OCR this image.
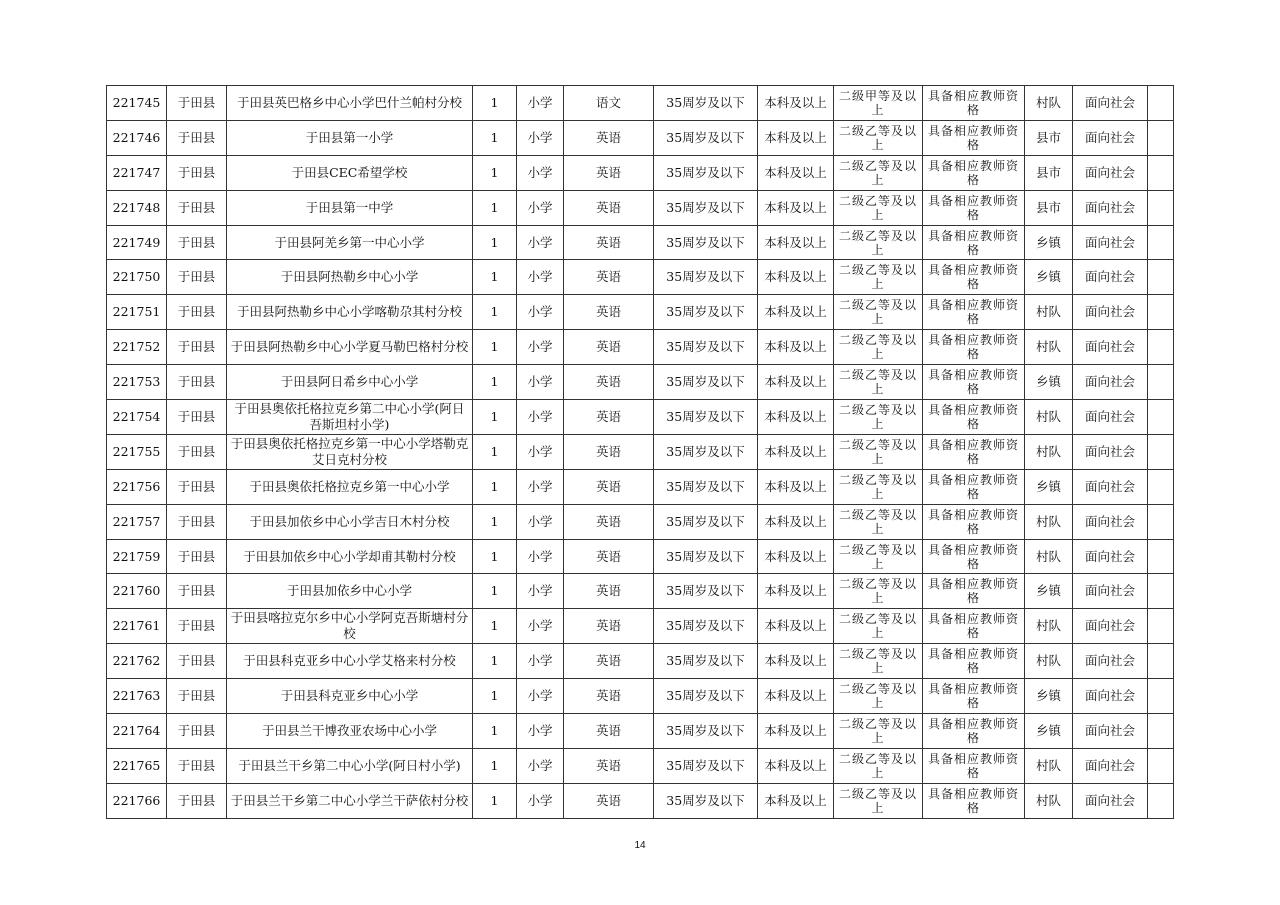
221745	于田县	于田县英巴格乡中心小学巴什兰帕村分校	1	小学	语文	35周岁及以下	本科及以上	二级甲等及以上	具备相应教师资格	村队	面向社会	
221746	于田县	于田县第一小学	1	小学	英语	35周岁及以下	本科及以上	二级乙等及以上	具备相应教师资格	县市	面向社会	
221747	于田县	于田县CEC希望学校	1	小学	英语	35周岁及以下	本科及以上	二级乙等及以上	具备相应教师资格	县市	面向社会	
221748	于田县	于田县第一中学	1	小学	英语	35周岁及以下	本科及以上	二级乙等及以上	具备相应教师资格	县市	面向社会	
221749	于田县	于田县阿羌乡第一中心小学	1	小学	英语	35周岁及以下	本科及以上	二级乙等及以上	具备相应教师资格	乡镇	面向社会	
221750	于田县	于田县阿热勒乡中心小学	1	小学	英语	35周岁及以下	本科及以上	二级乙等及以上	具备相应教师资格	乡镇	面向社会	
221751	于田县	于田县阿热勒乡中心小学喀勒尕其村分校	1	小学	英语	35周岁及以下	本科及以上	二级乙等及以上	具备相应教师资格	村队	面向社会	
221752	于田县	于田县阿热勒乡中心小学夏马勒巴格村分校	1	小学	英语	35周岁及以下	本科及以上	二级乙等及以上	具备相应教师资格	村队	面向社会	
221753	于田县	于田县阿日希乡中心小学	1	小学	英语	35周岁及以下	本科及以上	二级乙等及以上	具备相应教师资格	乡镇	面向社会	
221754	于田县	于田县奥依托格拉克乡第二中心小学(阿日吾斯坦村小学)	1	小学	英语	35周岁及以下	本科及以上	二级乙等及以上	具备相应教师资格	村队	面向社会	
221755	于田县	于田县奥依托格拉克乡第一中心小学塔勒克艾日克村分校	1	小学	英语	35周岁及以下	本科及以上	二级乙等及以上	具备相应教师资格	村队	面向社会	
221756	于田县	于田县奥依托格拉克乡第一中心小学	1	小学	英语	35周岁及以下	本科及以上	二级乙等及以上	具备相应教师资格	乡镇	面向社会	
221757	于田县	于田县加依乡中心小学吉日木村分校	1	小学	英语	35周岁及以下	本科及以上	二级乙等及以上	具备相应教师资格	村队	面向社会	
221759	于田县	于田县加依乡中心小学却甫其勒村分校	1	小学	英语	35周岁及以下	本科及以上	二级乙等及以上	具备相应教师资格	村队	面向社会	
221760	于田县	于田县加依乡中心小学	1	小学	英语	35周岁及以下	本科及以上	二级乙等及以上	具备相应教师资格	乡镇	面向社会	
221761	于田县	于田县喀拉克尔乡中心小学阿克吾斯塘村分校	1	小学	英语	35周岁及以下	本科及以上	二级乙等及以上	具备相应教师资格	村队	面向社会	
221762	于田县	于田县科克亚乡中心小学艾格来村分校	1	小学	英语	35周岁及以下	本科及以上	二级乙等及以上	具备相应教师资格	村队	面向社会	
221763	于田县	于田县科克亚乡中心小学	1	小学	英语	35周岁及以下	本科及以上	二级乙等及以上	具备相应教师资格	乡镇	面向社会	
221764	于田县	于田县兰干博孜亚农场中心小学	1	小学	英语	35周岁及以下	本科及以上	二级乙等及以上	具备相应教师资格	乡镇	面向社会	
221765	于田县	于田县兰干乡第二中心小学(阿日村小学)	1	小学	英语	35周岁及以下	本科及以上	二级乙等及以上	具备相应教师资格	村队	面向社会	
221766	于田县	于田县兰干乡第二中心小学兰干萨依村分校	1	小学	英语	35周岁及以下	本科及以上	二级乙等及以上	具备相应教师资格	村队	面向社会	
14
